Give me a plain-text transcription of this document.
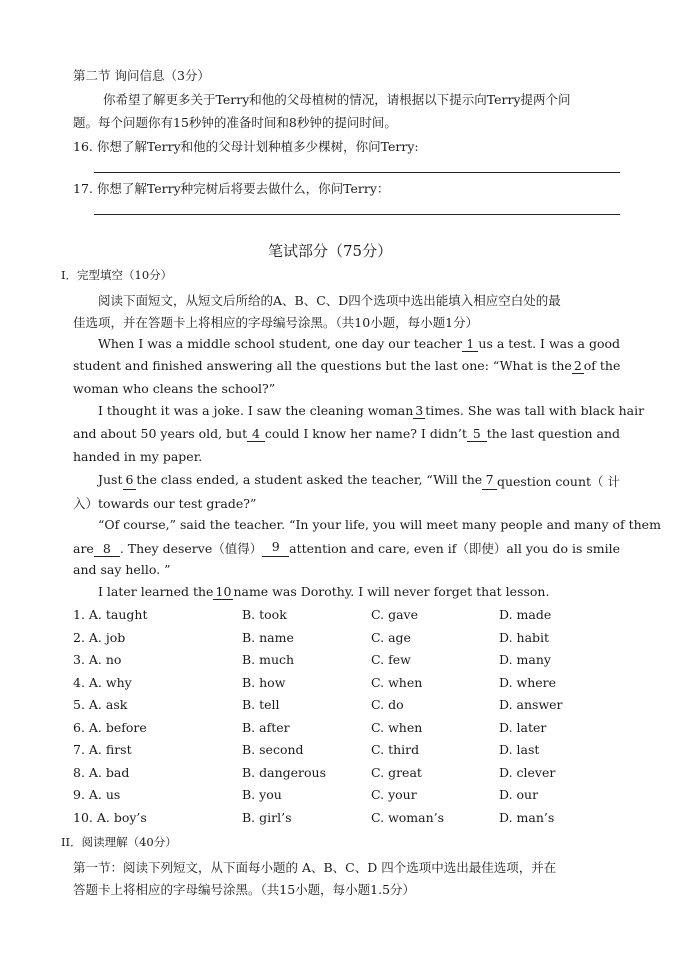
第二节 询问信息（3分）
你希望了解更多关于Terry和他的父母植树的情况，请根据以下提示向Terry提两个问
题。每个问题你有15秒钟的准备时间和8秒钟的提问时间。
16. 你想了解Terry和他的父母计划种植多少棵树，你问Terry:
17. 你想了解Terry种完树后将要去做什么，你问Terry：
笔试部分（75分）
I．完型填空（10分）
阅读下面短文，从短文后所给的A、B、C、D四个选项中选出能填入相应空白处的最
佳选项，并在答题卡上将相应的字母编号涂黑。（共10小题，每小题1分）
When I was a middle school student, one day our teacher 1 us a test. I was a good
student and finished answering all the questions but the last one: “What is the 2 of the
woman who cleans the school?”
I thought it was a joke. I saw the cleaning woman 3 times. She was tall with black hair
and about 50 years old, but 4 could I know her name? I didn’t 5 the last question and
handed in my paper.
Just 6 the class ended, a student asked the teacher, “Will the 7 question count（ 计
入）towards our test grade?”
“Of course,” said the teacher. “In your life, you will meet many people and many of them
are 8 . They deserve（值得） 9 attention and care, even if（即使）all you do is smile
and say hello. ”
I later learned the 10 name was Dorothy. I will never forget that lesson.
1. A. taught	B. took	C. gave	D. made
2. A. job	B. name	C. age	D. habit
3. A. no	B. much	C. few	D. many
4. A. why	B. how	C. when	D. where
5. A. ask	B. tell	C. do	D. answer
6. A. before	B. after	C. when	D. later
7. A. first	B. second	C. third	D. last
8. A. bad	B. dangerous	C. great	D. clever
9. A. us	B. you	C. your	D. our
10. A. boy’s	B. girl’s	C. woman’s	D. man’s
II．阅读理解（40分）
第一节：阅读下列短文，从下面每小题的 A、B、C、D 四个选项中选出最佳选项，并在
答题卡上将相应的字母编号涂黑。（共15小题，每小题1.5分）
